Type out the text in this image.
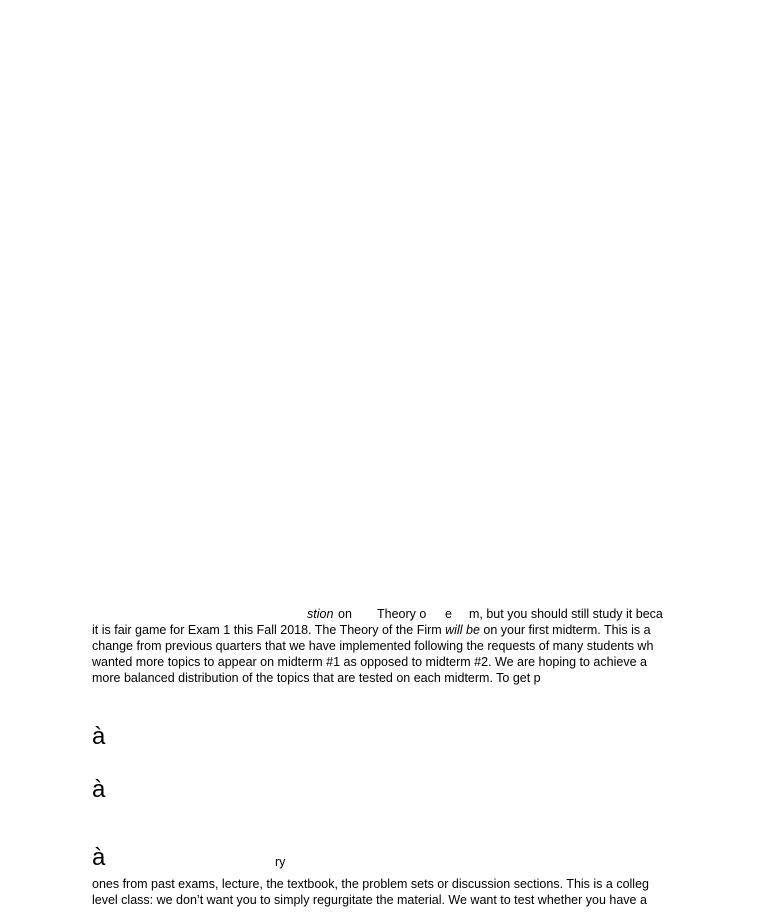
stion on Theory o e m, but you should still study it beca
it is fair game for Exam 1 this Fall 2018. The Theory of the Firm will be on your first midterm. This is a
change from previous quarters that we have implemented following the requests of many students wh
wanted more topics to appear on midterm #1 as opposed to midterm #2. We are hoping to achieve a
more balanced distribution of the topics that are tested on each midterm. To get p
à
à
à	ry
ones from past exams, lecture, the textbook, the problem sets or discussion sections. This is a colleg
level class: we don’t want you to simply regurgitate the material. We want to test whether you have a
